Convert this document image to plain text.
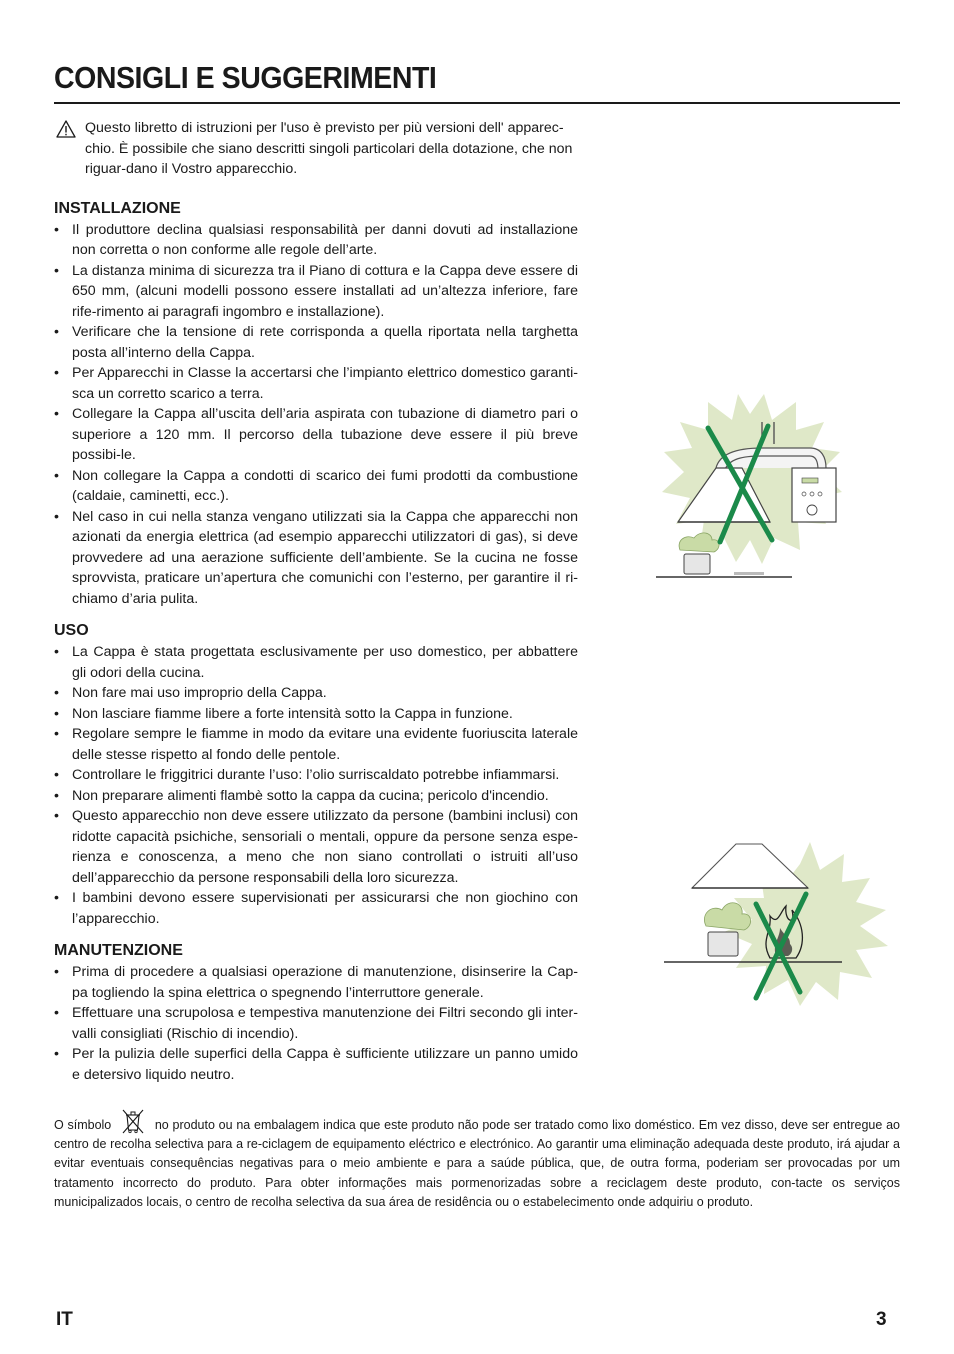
CONSIGLI E SUGGERIMENTI

Questo libretto di istruzioni per l'uso è previsto per più versioni dell' apparec-chio. È possibile che siano descritti singoli particolari della dotazione, che non riguar-dano il Vostro apparecchio.

INSTALLAZIONE
• Il produttore declina qualsiasi responsabilità per danni dovuti ad installazione non corretta o non conforme alle regole dell’arte.
• La distanza minima di sicurezza tra il Piano di cottura e la Cappa deve essere di 650 mm, (alcuni modelli possono essere installati ad un’altezza inferiore, fare rife-rimento ai paragrafi ingombro e installazione).
• Verificare che la tensione di rete corrisponda a quella riportata nella targhetta posta all’interno della Cappa.
• Per Apparecchi in Classe la accertarsi che l’impianto elettrico domestico garanti-sca un corretto scarico a terra.
• Collegare la Cappa all’uscita dell’aria aspirata con tubazione di diametro pari o superiore a 120 mm. Il percorso della tubazione deve essere il più breve possibi-le.
• Non collegare la Cappa a condotti di scarico dei fumi prodotti da combustione (caldaie, caminetti, ecc.).
• Nel caso in cui nella stanza vengano utilizzati sia la Cappa che apparecchi non azionati da energia elettrica (ad esempio apparecchi utilizzatori di gas), si deve provvedere ad una aerazione sufficiente dell’ambiente. Se la cucina ne fosse sprovvista, praticare un’apertura che comunichi con l’esterno, per garantire il ri-chiamo d’aria pulita.
USO
• La Cappa è stata progettata esclusivamente per uso domestico, per abbattere gli odori della cucina.
• Non fare mai uso improprio della Cappa.
• Non lasciare fiamme libere a forte intensità sotto la Cappa in funzione.
• Regolare sempre le fiamme in modo da evitare una evidente fuoriuscita laterale delle stesse rispetto al fondo delle pentole.
• Controllare le friggitrici durante l’uso: l’olio surriscaldato potrebbe infiammarsi.
• Non preparare alimenti flambè sotto la cappa da cucina; pericolo d'incendio.
• Questo apparecchio non deve essere utilizzato da persone (bambini inclusi) con ridotte capacità psichiche, sensoriali o mentali, oppure da persone senza espe-rienza e conoscenza, a meno che non siano controllati o istruiti all’uso dell’apparecchio da persone responsabili della loro sicurezza.
• I bambini devono essere supervisionati per assicurarsi che non giochino con l’apparecchio.
MANUTENZIONE
• Prima di procedere a qualsiasi operazione di manutenzione, disinserire la Cap-pa togliendo la spina elettrica o spegnendo l’interruttore generale.
• Effettuare una scrupolosa e tempestiva manutenzione dei Filtri secondo gli inter-valli consigliati (Rischio di incendio).
• Per la pulizia delle superfici della Cappa è sufficiente utilizzare un panno umido e detersivo liquido neutro.

O símbolo	no produto ou na embalagem indica que este produto não pode ser tratado como lixo doméstico. Em vez disso, deve ser entregue ao centro de recolha selectiva para a re-ciclagem de equipamento eléctrico e electrónico. Ao garantir uma eliminação adequada deste produto, irá ajudar a evitar eventuais consequências negativas para o meio ambiente e para a saúde pública, que, de outra forma, poderiam ser provocadas por um tratamento incorrecto do produto. Para obter informações mais pormenorizadas sobre a reciclagem deste produto, con-tacte os serviços municipalizados locais, o centro de recolha selectiva da sua área de residência ou o estabelecimento onde adquiriu o produto.

IT	3
